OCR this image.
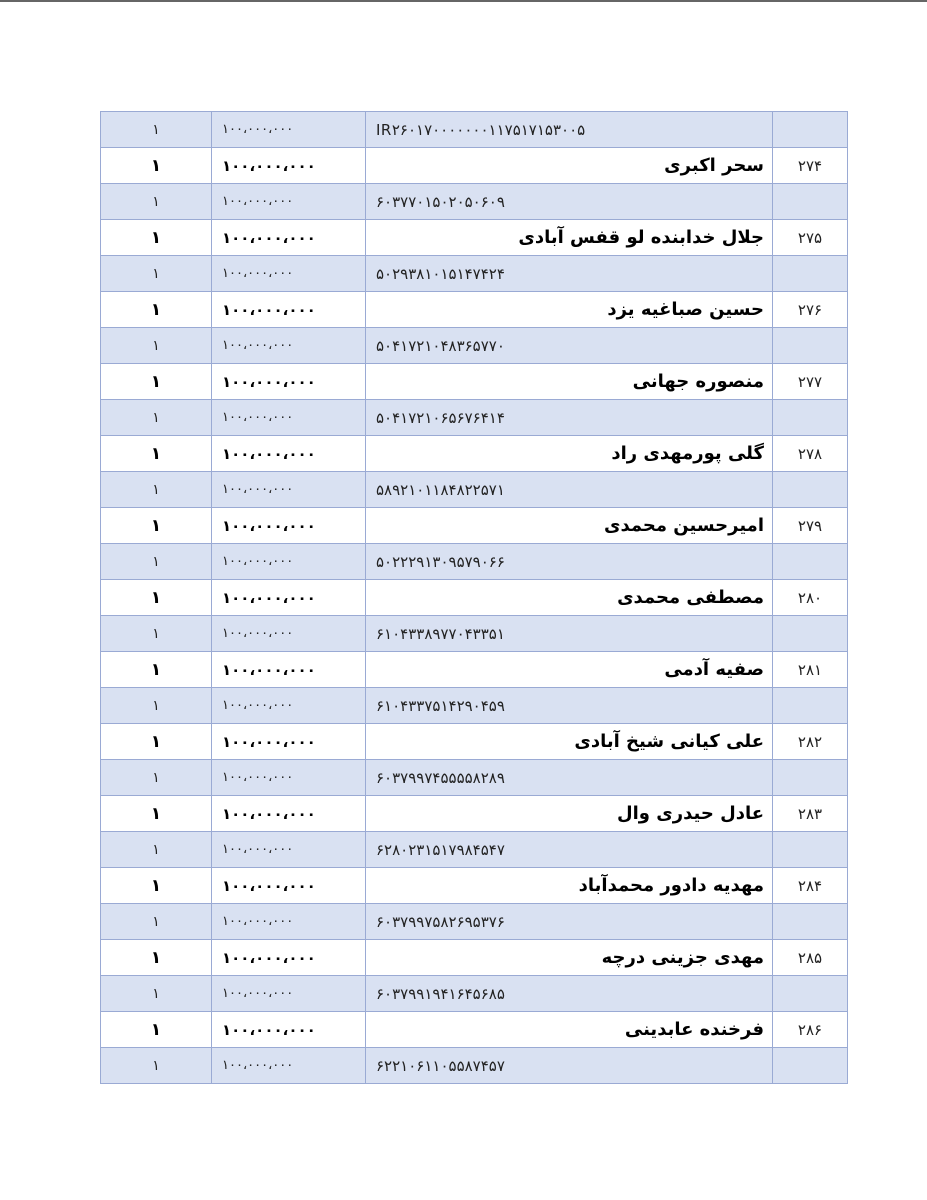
۱	۱۰۰،۰۰۰،۰۰۰	IR۲۶۰۱۷۰۰۰۰۰۰۰۱۱۷۵۱۷۱۵۳۰۰۵	
۱	۱۰۰،۰۰۰،۰۰۰	سحر اکبری	۲۷۴
۱	۱۰۰،۰۰۰،۰۰۰	۶۰۳۷۷۰۱۵۰۲۰۵۰۶۰۹	
۱	۱۰۰،۰۰۰،۰۰۰	جلال خدابنده لو قفس آبادی	۲۷۵
۱	۱۰۰،۰۰۰،۰۰۰	۵۰۲۹۳۸۱۰۱۵۱۴۷۴۲۴	
۱	۱۰۰،۰۰۰،۰۰۰	حسین صباغیه یزد	۲۷۶
۱	۱۰۰،۰۰۰،۰۰۰	۵۰۴۱۷۲۱۰۴۸۳۶۵۷۷۰	
۱	۱۰۰،۰۰۰،۰۰۰	منصوره جهانی	۲۷۷
۱	۱۰۰،۰۰۰،۰۰۰	۵۰۴۱۷۲۱۰۶۵۶۷۶۴۱۴	
۱	۱۰۰،۰۰۰،۰۰۰	گلی پورمهدی راد	۲۷۸
۱	۱۰۰،۰۰۰،۰۰۰	۵۸۹۲۱۰۱۱۸۴۸۲۲۵۷۱	
۱	۱۰۰،۰۰۰،۰۰۰	امیرحسین محمدی	۲۷۹
۱	۱۰۰،۰۰۰،۰۰۰	۵۰۲۲۲۹۱۳۰۹۵۷۹۰۶۶	
۱	۱۰۰،۰۰۰،۰۰۰	مصطفی محمدی	۲۸۰
۱	۱۰۰،۰۰۰،۰۰۰	۶۱۰۴۳۳۸۹۷۷۰۴۳۳۵۱	
۱	۱۰۰،۰۰۰،۰۰۰	صفیه آدمی	۲۸۱
۱	۱۰۰،۰۰۰،۰۰۰	۶۱۰۴۳۳۷۵۱۴۲۹۰۴۵۹	
۱	۱۰۰،۰۰۰،۰۰۰	علی کیانی شیخ آبادی	۲۸۲
۱	۱۰۰،۰۰۰،۰۰۰	۶۰۳۷۹۹۷۴۵۵۵۵۸۲۸۹	
۱	۱۰۰،۰۰۰،۰۰۰	عادل حیدری وال	۲۸۳
۱	۱۰۰،۰۰۰،۰۰۰	۶۲۸۰۲۳۱۵۱۷۹۸۴۵۴۷	
۱	۱۰۰،۰۰۰،۰۰۰	مهدیه دادور محمدآباد	۲۸۴
۱	۱۰۰،۰۰۰،۰۰۰	۶۰۳۷۹۹۷۵۸۲۶۹۵۳۷۶	
۱	۱۰۰،۰۰۰،۰۰۰	مهدی جزینی درچه	۲۸۵
۱	۱۰۰،۰۰۰،۰۰۰	۶۰۳۷۹۹۱۹۴۱۶۴۵۶۸۵	
۱	۱۰۰،۰۰۰،۰۰۰	فرخنده عابدینی	۲۸۶
۱	۱۰۰،۰۰۰،۰۰۰	۶۲۲۱۰۶۱۱۰۵۵۸۷۴۵۷	
